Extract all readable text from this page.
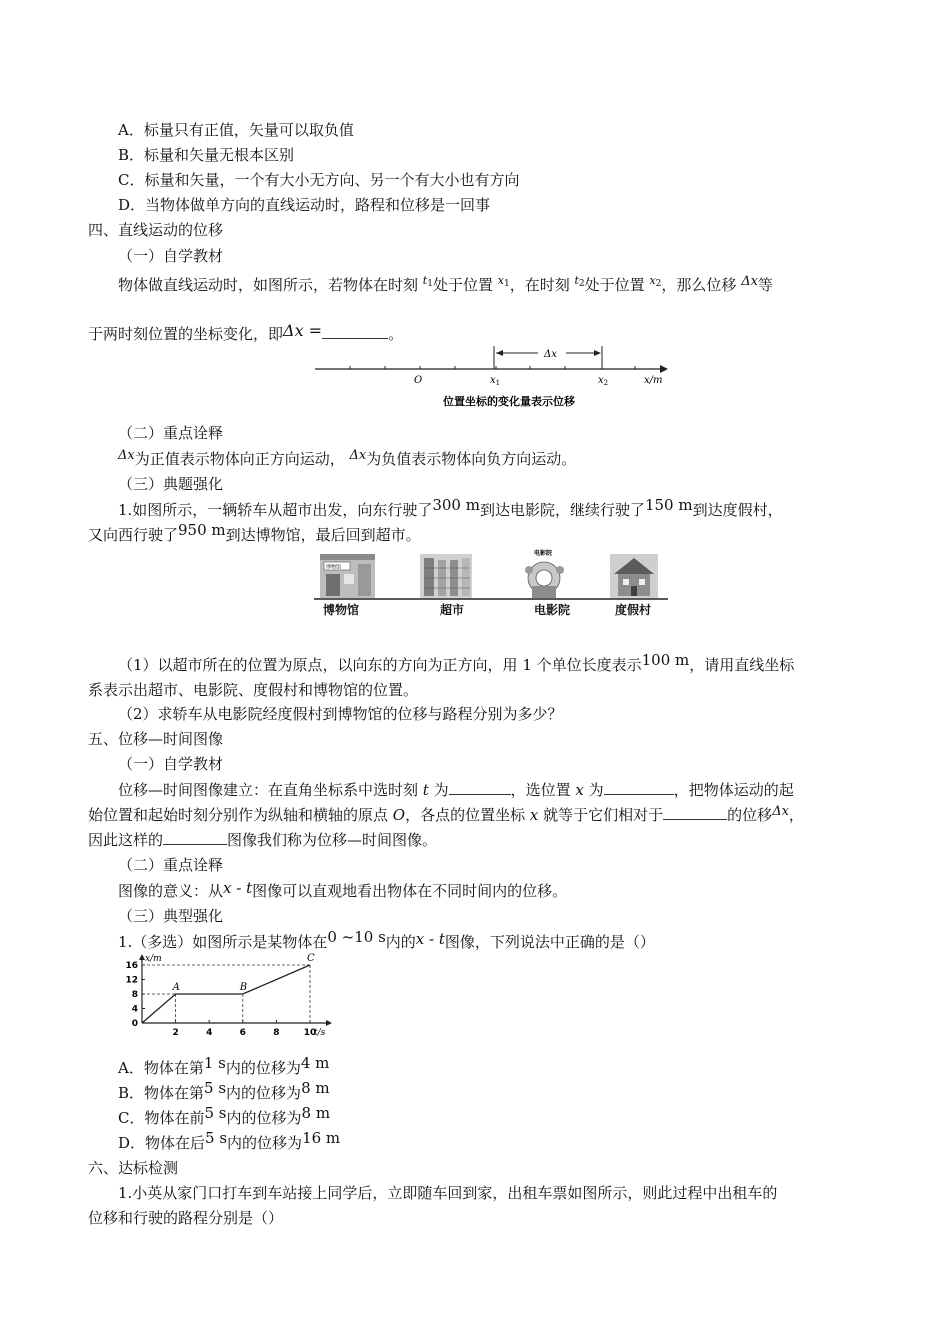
A．标量只有正值，矢量可以取负值
B．标量和矢量无根本区别
C．标量和矢量，一个有大小无方向、另一个有大小也有方向
D．当物体做单方向的直线运动时，路程和位移是一回事
四、直线运动的位移
（一）自学教材
物体做直线运动时，如图所示，若物体在时刻 $^{t_1}$处于位置 $^{x_1}$，在时刻 $^{t_2}$处于位置 $^{x_2}$，那么位移 Δx等
于两时刻位置的坐标变化，即Δx =	。
Δx
O	$x_1$	$x_2$	x/m
位置坐标的变化量表示位移
（二）重点诠释
Δx为正值表示物体向正方向运动， Δx为负值表示物体向负方向运动。
（三）典题强化
1.如图所示，一辆轿车从超市出发，向东行驶了300 m到达电影院，继续行驶了150 m到达度假村，
又向西行驶了950 m到达博物馆，最后回到超市。
博物馆
电影院
博物馆	超市	电影院	度假村
（1）以超市所在的位置为原点，以向东的方向为正方向，用 1 个单位长度表示100 m，请用直线坐标
系表示出超市、电影院、度假村和博物馆的位置。
（2）求轿车从电影院经度假村到博物馆的位移与路程分别为多少？
五、位移—时间图像
（一）自学教材
位移—时间图像建立：在直角坐标系中选时刻 t 为	，选位置 x 为	，把物体运动的起
始位置和起始时刻分别作为纵轴和横轴的原点 O，各点的位置坐标 x 就等于它们相对于	的位移Δx，
因此这样的	图像我们称为位移—时间图像。
（二）重点诠释
图像的意义：从x - t图像可以直观地看出物体在不同时间内的位移。
（三）典型强化
1.（多选）如图所示是某物体在0 ~10 s内的x - t图像，下列说法中正确的是（）
x/m
t/s
2	4	6	8	10
0
4
8
12
16
A	B
C
A．物体在第1 s内的位移为4 m
B．物体在第5 s内的位移为8 m
C．物体在前5 s内的位移为8 m
D．物体在后5 s内的位移为16 m
六、达标检测
1.小英从家门口打车到车站接上同学后，立即随车回到家，出租车票如图所示，则此过程中出租车的
位移和行驶的路程分别是（）
